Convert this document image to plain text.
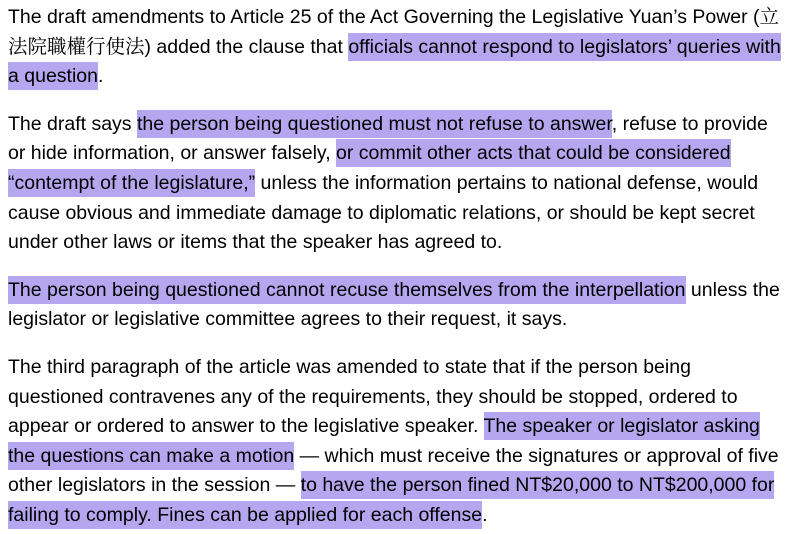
The draft amendments to Article 25 of the Act Governing the Legislative Yuan’s Power (立
法院職權行使法) added the clause that officials cannot respond to legislators’ queries with
a question.

The draft says the person being questioned must not refuse to answer, refuse to provide
or hide information, or answer falsely, or commit other acts that could be considered
“contempt of the legislature,” unless the information pertains to national defense, would
cause obvious and immediate damage to diplomatic relations, or should be kept secret
under other laws or items that the speaker has agreed to.

The person being questioned cannot recuse themselves from the interpellation unless the
legislator or legislative committee agrees to their request, it says.

The third paragraph of the article was amended to state that if the person being
questioned contravenes any of the requirements, they should be stopped, ordered to
appear or ordered to answer to the legislative speaker. The speaker or legislator asking
the questions can make a motion — which must receive the signatures or approval of five
other legislators in the session — to have the person fined NT$20,000 to NT$200,000 for
failing to comply. Fines can be applied for each offense.
